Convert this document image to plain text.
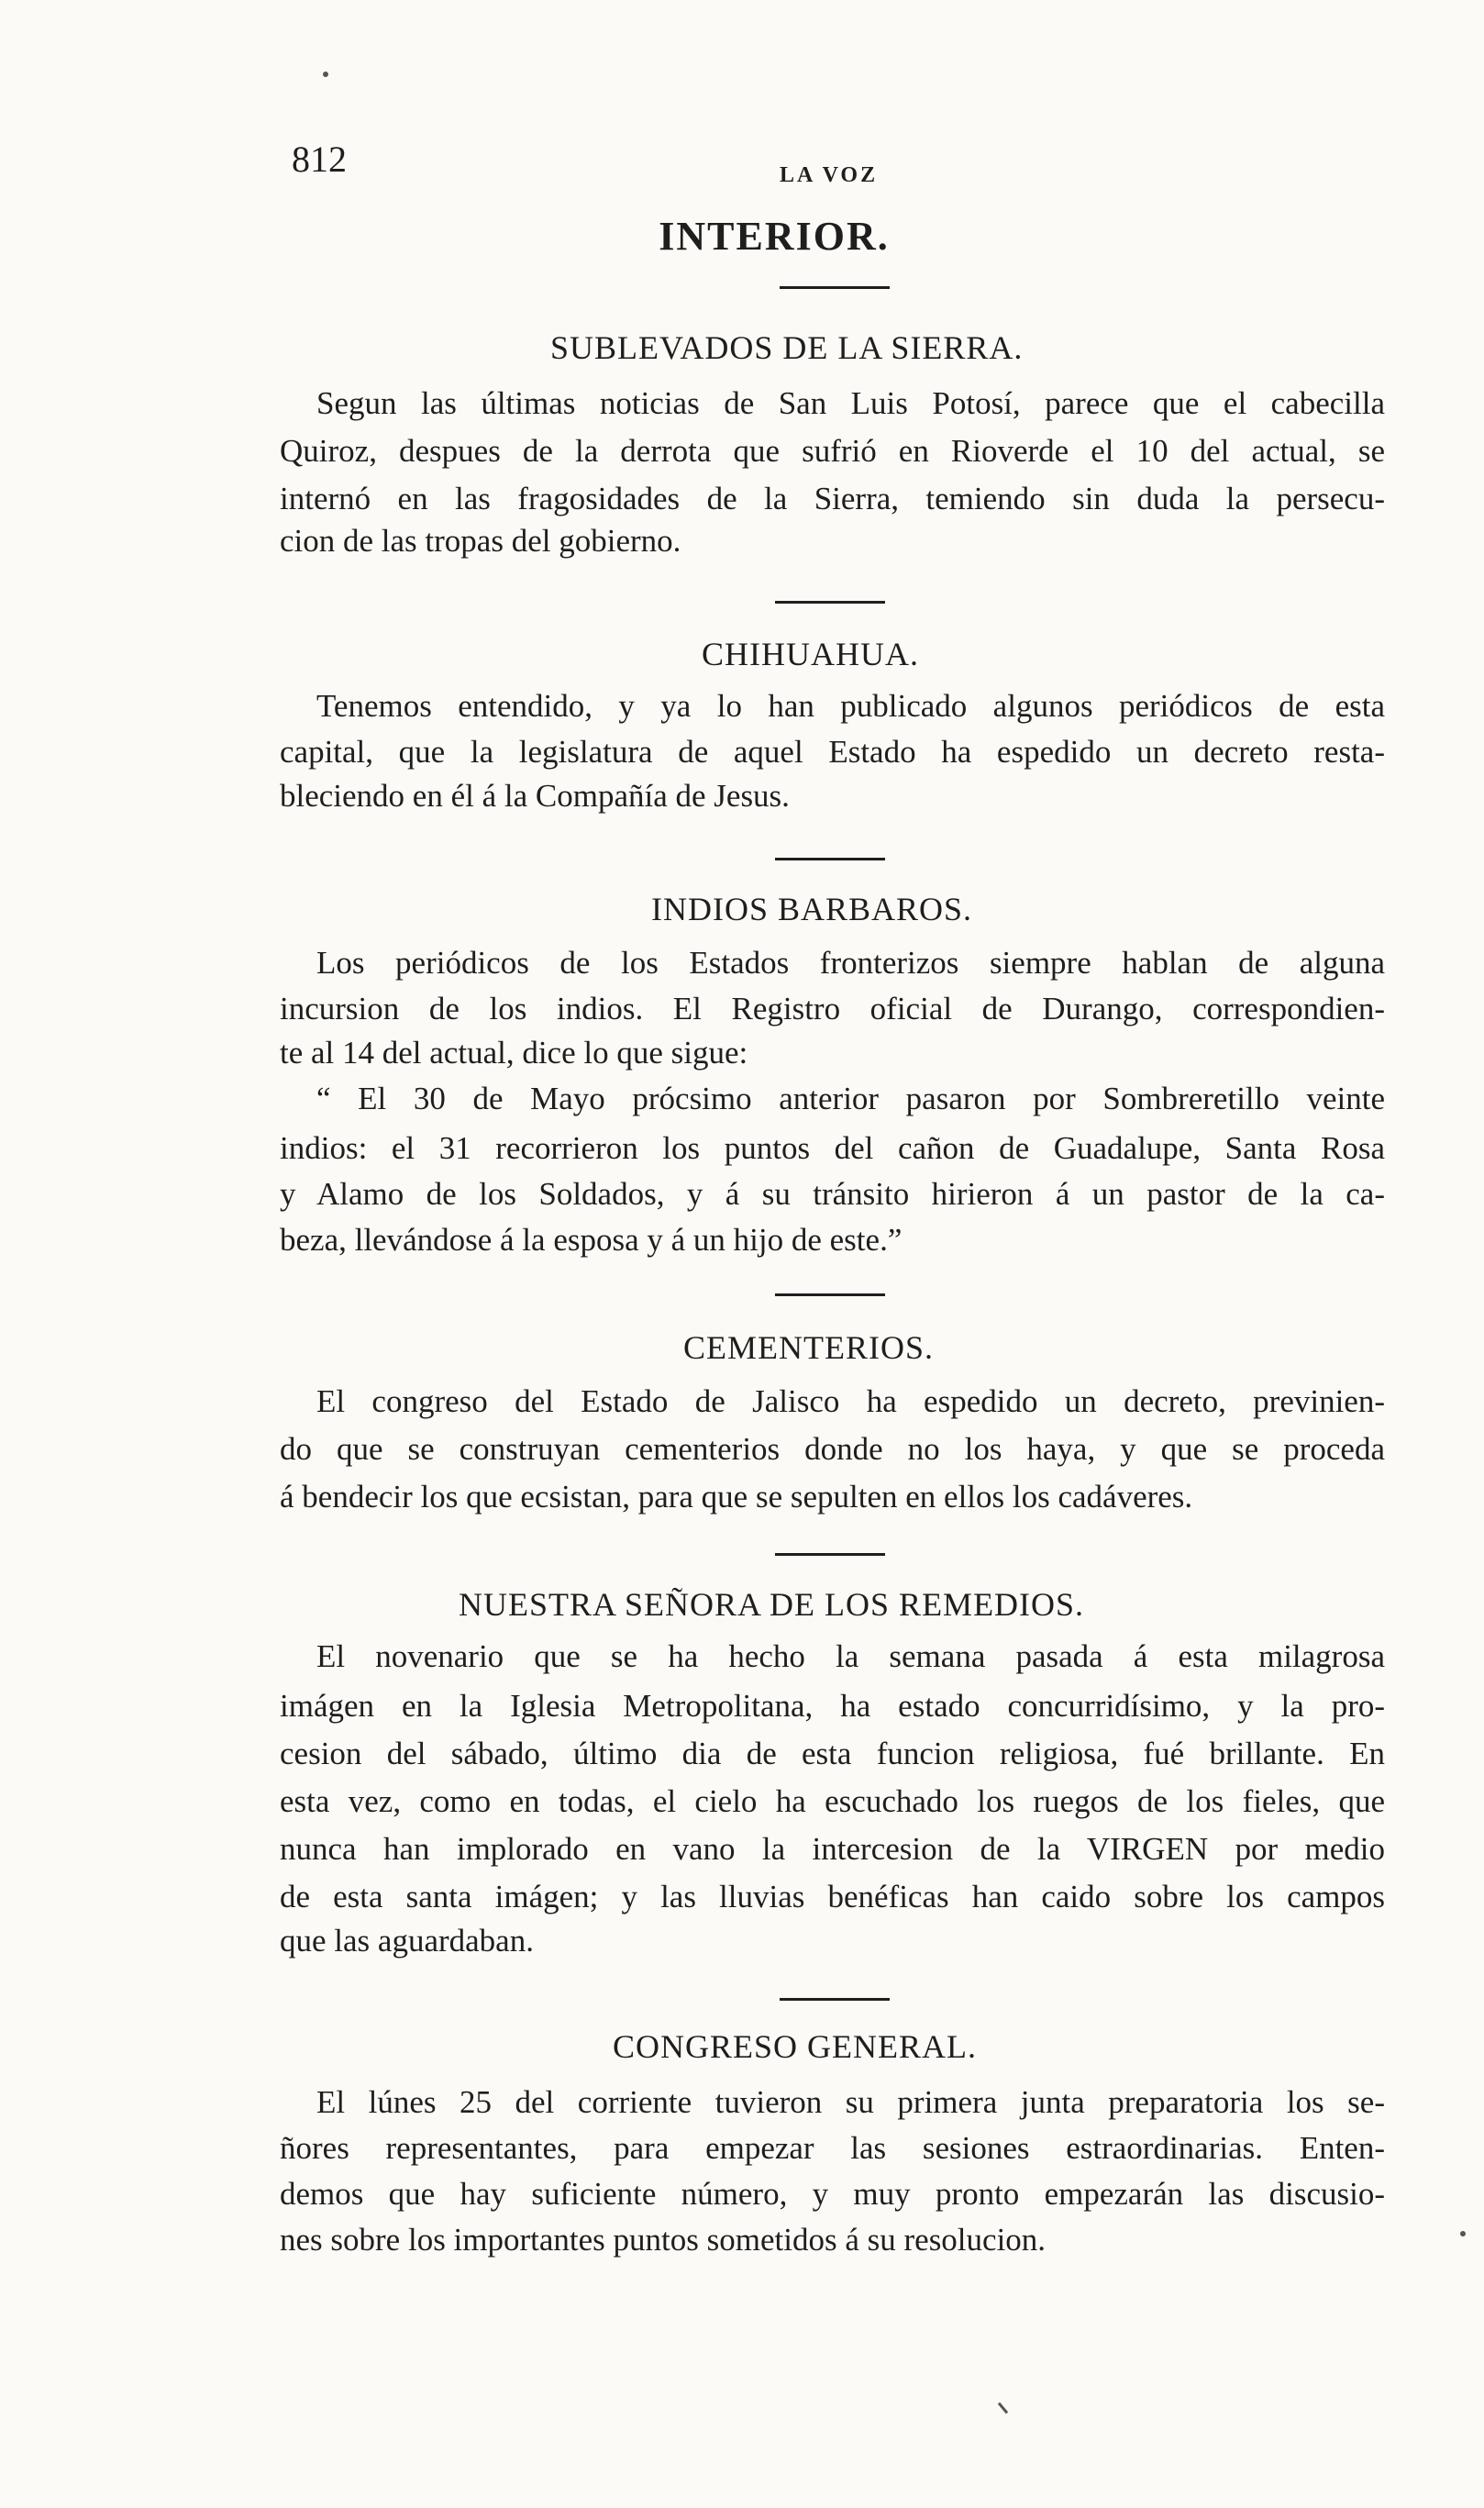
812	LA VOZ
INTERIOR.
SUBLEVADOS DE LA SIERRA.
Segun las últimas noticias de San Luis Potosí, parece que el cabecilla
Quiroz, despues de la derrota que sufrió en Rioverde el 10 del actual, se
internó en las fragosidades de la Sierra, temiendo sin duda la persecu-
cion de las tropas del gobierno.
CHIHUAHUA.
Tenemos entendido, y ya lo han publicado algunos periódicos de esta
capital, que la legislatura de aquel Estado ha espedido un decreto resta-
bleciendo en él á la Compañía de Jesus.
INDIOS BARBAROS.
Los periódicos de los Estados fronterizos siempre hablan de alguna
incursion de los indios. El Registro oficial de Durango, correspondien-
te al 14 del actual, dice lo que sigue:
“ El 30 de Mayo prócsimo anterior pasaron por Sombreretillo veinte
indios: el 31 recorrieron los puntos del cañon de Guadalupe, Santa Rosa
y Alamo de los Soldados, y á su tránsito hirieron á un pastor de la ca-
beza, llevándose á la esposa y á un hijo de este.”
CEMENTERIOS.
El congreso del Estado de Jalisco ha espedido un decreto, previnien-
do que se construyan cementerios donde no los haya, y que se proceda
á bendecir los que ecsistan, para que se sepulten en ellos los cadáveres.
NUESTRA SEÑORA DE LOS REMEDIOS.
El novenario que se ha hecho la semana pasada á esta milagrosa
imágen en la Iglesia Metropolitana, ha estado concurridísimo, y la pro-
cesion del sábado, último dia de esta funcion religiosa, fué brillante. En
esta vez, como en todas, el cielo ha escuchado los ruegos de los fieles, que
nunca han implorado en vano la intercesion de la VIRGEN por medio
de esta santa imágen; y las lluvias benéficas han caido sobre los campos
que las aguardaban.
CONGRESO GENERAL.
El lúnes 25 del corriente tuvieron su primera junta preparatoria los se-
ñores representantes, para empezar las sesiones estraordinarias. Enten-
demos que hay suficiente número, y muy pronto empezarán las discusio-
nes sobre los importantes puntos sometidos á su resolucion.
